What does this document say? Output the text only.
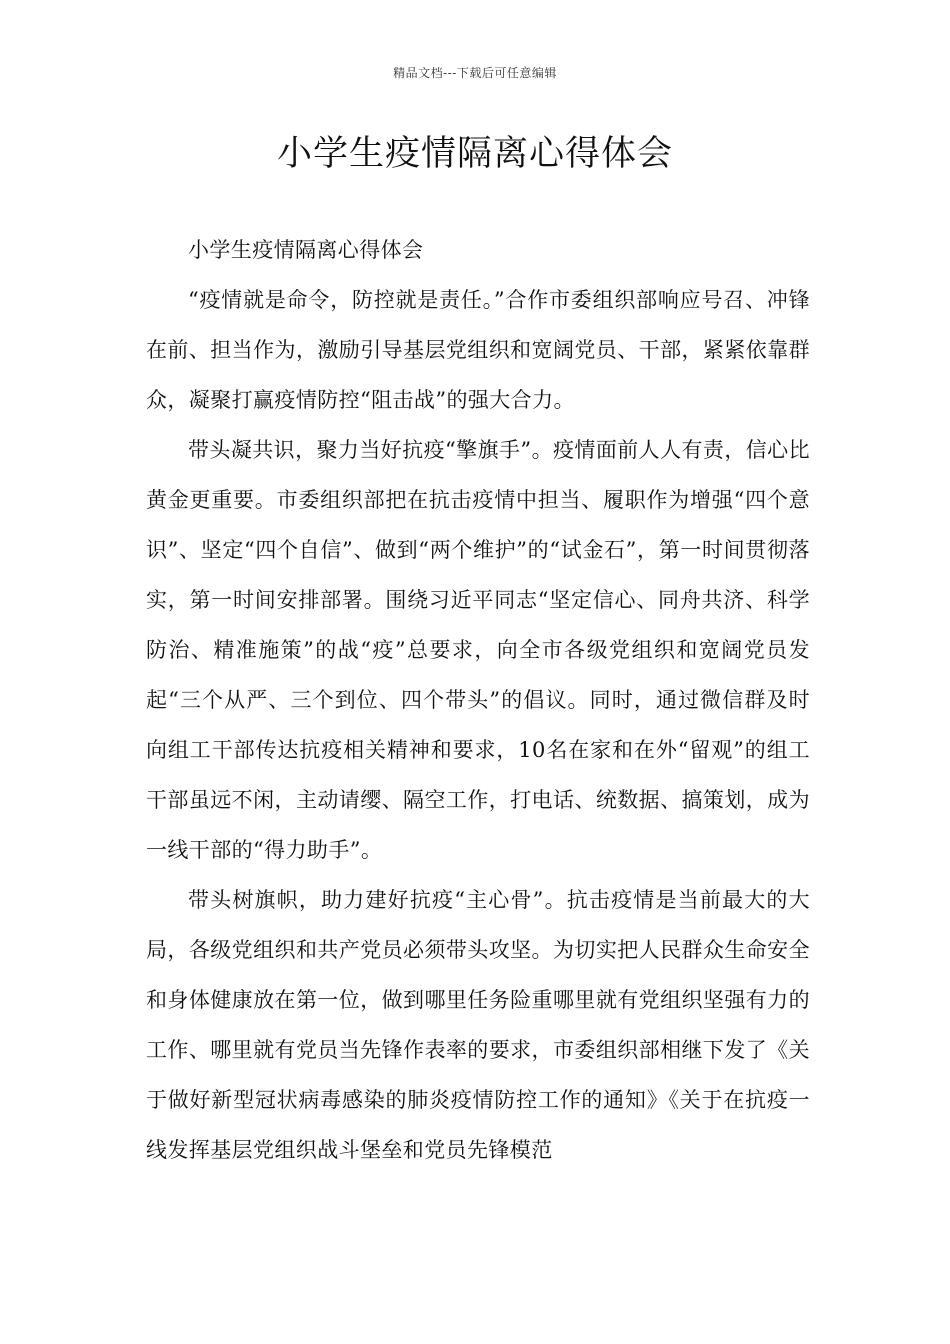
精品文档---下载后可任意编辑
小学生疫情隔离心得体会

小学生疫情隔离心得体会

“疫情就是命令，防控就是责任。”合作市委组织部响应号召、冲锋在前、担当作为，激励引导基层党组织和宽阔党员、干部，紧紧依靠群众，凝聚打赢疫情防控“阻击战”的强大合力。

带头凝共识，聚力当好抗疫“擎旗手”。疫情面前人人有责，信心比黄金更重要。市委组织部把在抗击疫情中担当、履职作为增强“四个意识”、坚定“四个自信”、做到“两个维护”的“试金石”，第一时间贯彻落实，第一时间安排部署。围绕习近平同志“坚定信心、同舟共济、科学防治、精准施策”的战“疫”总要求，向全市各级党组织和宽阔党员发起“三个从严、三个到位、四个带头”的倡议。同时，通过微信群及时向组工干部传达抗疫相关精神和要求，10名在家和在外“留观”的组工干部虽远不闲，主动请缨、隔空工作，打电话、统数据、搞策划，成为一线干部的“得力助手”。

带头树旗帜，助力建好抗疫“主心骨”。抗击疫情是当前最大的大局，各级党组织和共产党员必须带头攻坚。为切实把人民群众生命安全和身体健康放在第一位，做到哪里任务险重哪里就有党组织坚强有力的工作、哪里就有党员当先锋作表率的要求，市委组织部相继下发了《关于做好新型冠状病毒感染的肺炎疫情防控工作的通知》《关于在抗疫一线发挥基层党组织战斗堡垒和党员先锋模范
